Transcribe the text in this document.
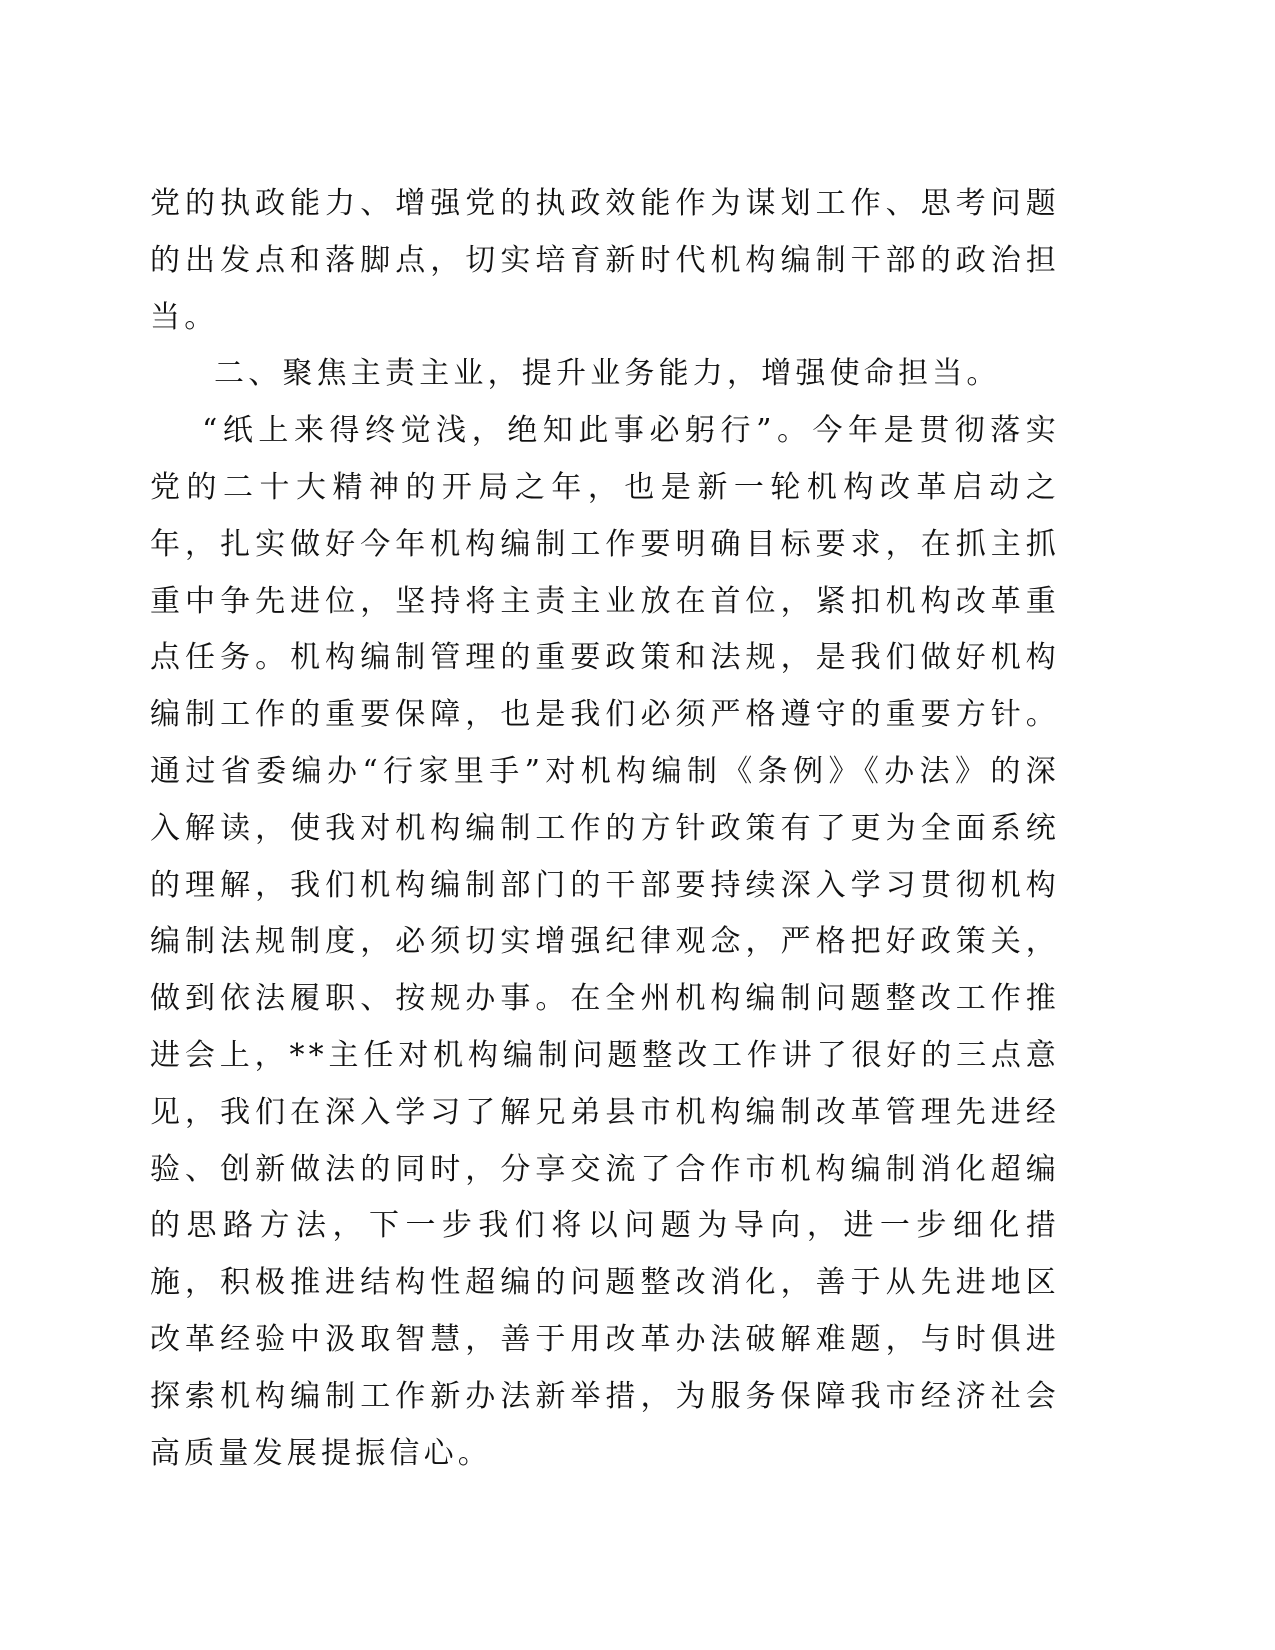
党的执政能力、增强党的执政效能作为谋划工作、思考问题的出发点和落脚点，切实培育新时代机构编制干部的政治担当。

二、聚焦主责主业，提升业务能力，增强使命担当。

“纸上来得终觉浅，绝知此事必躬行”。今年是贯彻落实党的二十大精神的开局之年，也是新一轮机构改革启动之年，扎实做好今年机构编制工作要明确目标要求，在抓主抓重中争先进位，坚持将主责主业放在首位，紧扣机构改革重点任务。机构编制管理的重要政策和法规，是我们做好机构编制工作的重要保障，也是我们必须严格遵守的重要方针。通过省委编办“行家里手”对机构编制《条例》《办法》的深入解读，使我对机构编制工作的方针政策有了更为全面系统的理解，我们机构编制部门的干部要持续深入学习贯彻机构编制法规制度，必须切实增强纪律观念，严格把好政策关，做到依法履职、按规办事。在全州机构编制问题整改工作推进会上，**主任对机构编制问题整改工作讲了很好的三点意见，我们在深入学习了解兄弟县市机构编制改革管理先进经验、创新做法的同时，分享交流了合作市机构编制消化超编的思路方法，下一步我们将以问题为导向，进一步细化措施，积极推进结构性超编的问题整改消化，善于从先进地区改革经验中汲取智慧，善于用改革办法破解难题，与时俱进探索机构编制工作新办法新举措，为服务保障我市经济社会高质量发展提振信心。
